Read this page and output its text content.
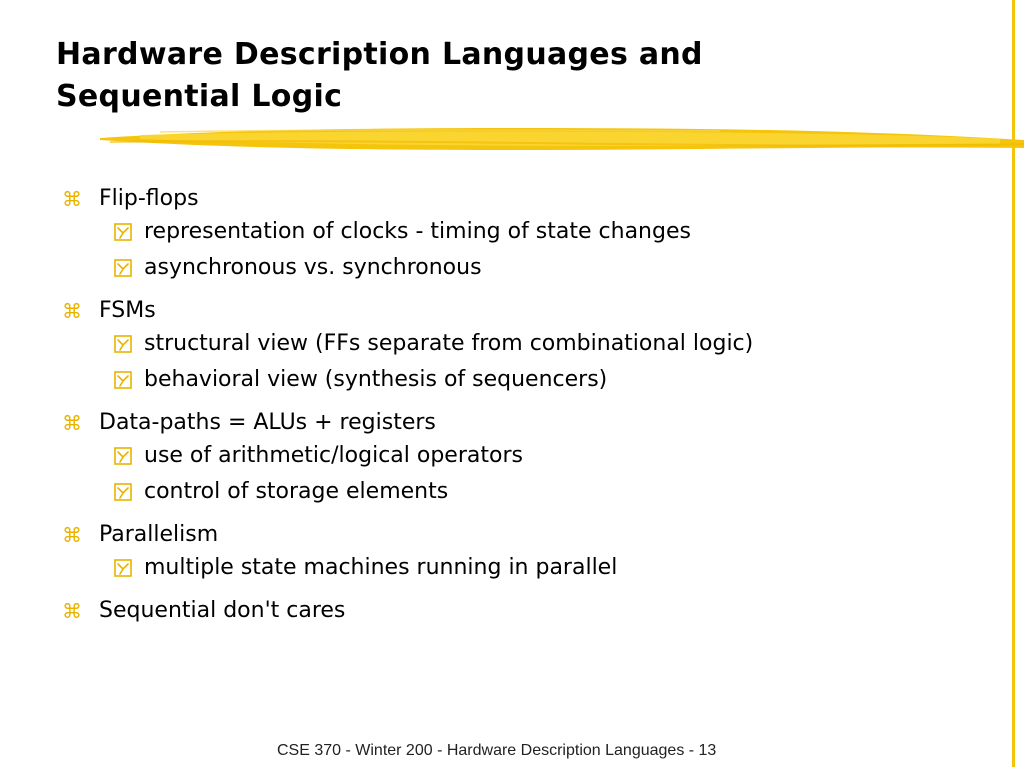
Hardware Description Languages and
Sequential Logic
⌘ Flip-flops
representation of clocks - timing of state changes
asynchronous vs. synchronous
⌘ FSMs
structural view (FFs separate from combinational logic)
behavioral view (synthesis of sequencers)
⌘ Data-paths = ALUs + registers
use of arithmetic/logical operators
control of storage elements
⌘ Parallelism
multiple state machines running in parallel
⌘ Sequential don't cares
CSE 370 - Winter 200 - Hardware Description Languages - 13
